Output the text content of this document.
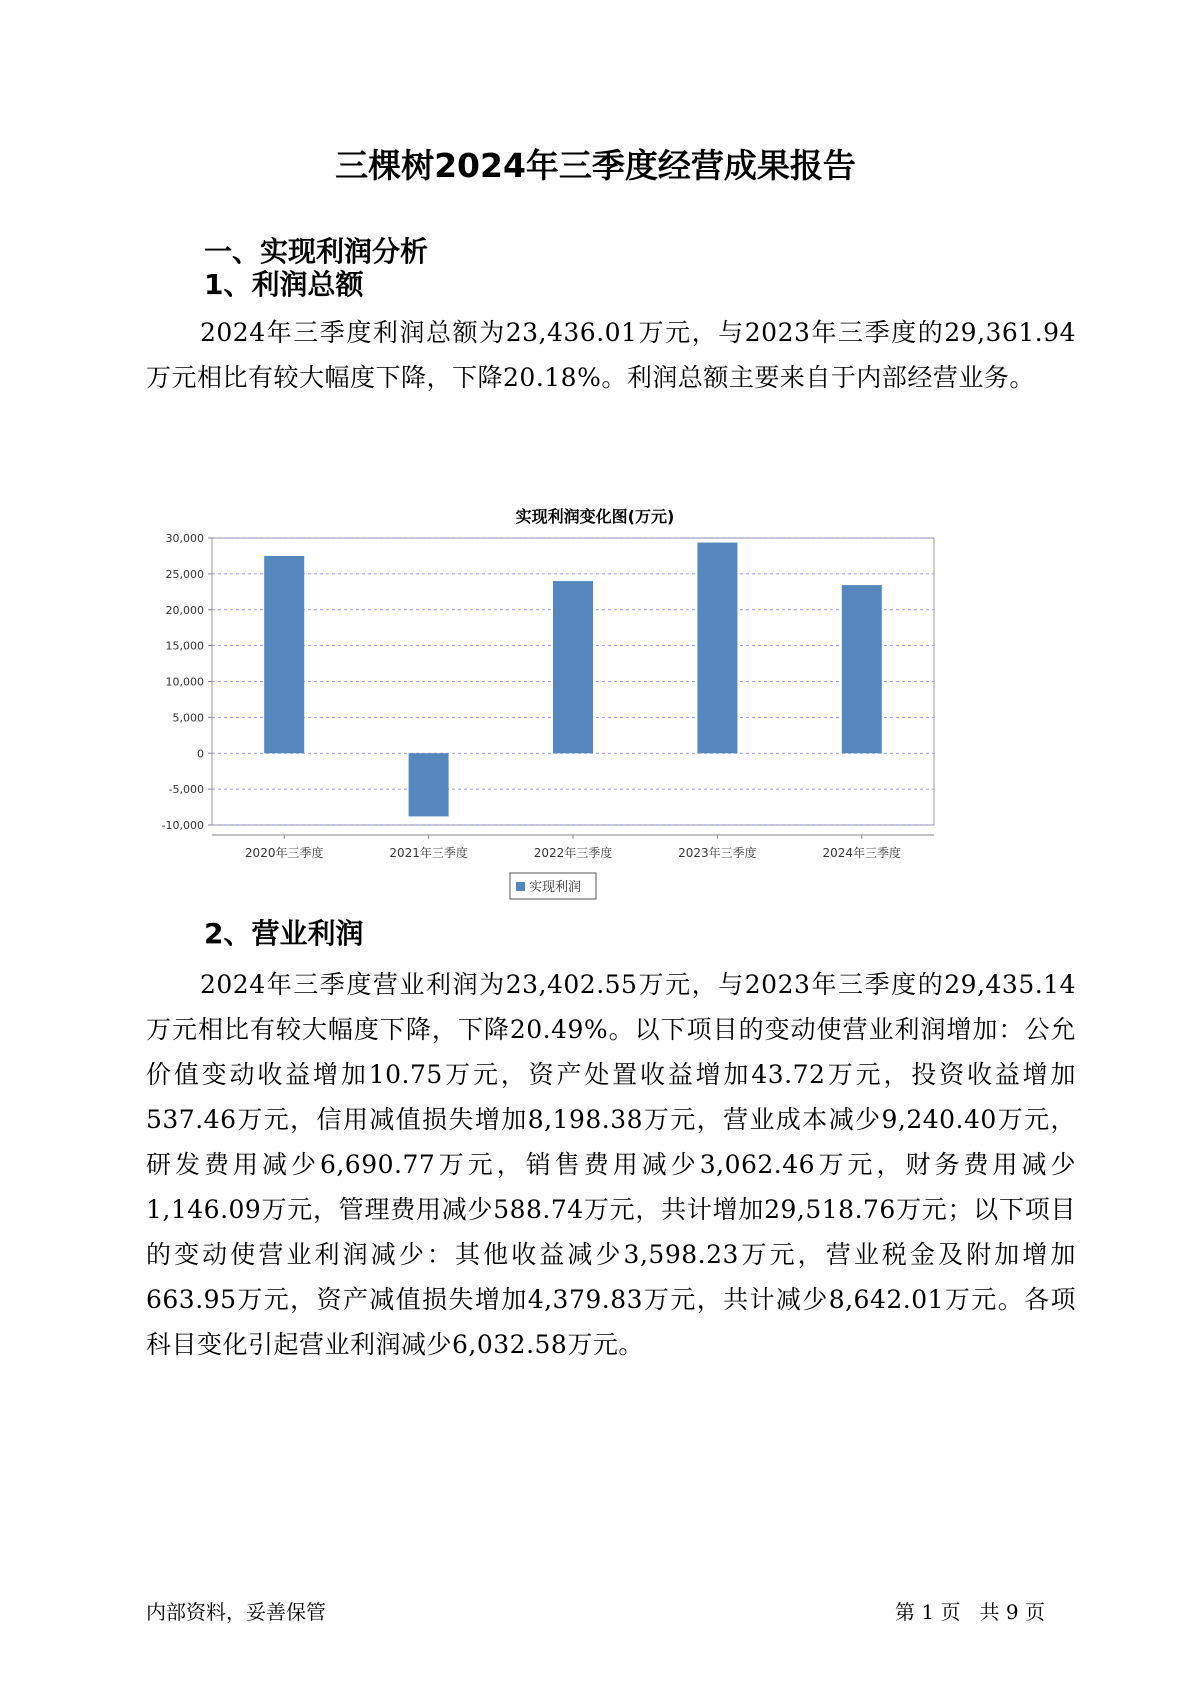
三棵树2024年三季度经营成果报告
一、实现利润分析
1、利润总额
2024年三季度利润总额为23,436.01万元，与2023年三季度的29,361.94万元相比有较大幅度下降，下降20.18%。利润总额主要来自于内部经营业务。
实现利润变化图(万元)
30,000
25,000
20,000
15,000
10,000
5,000
0
-5,000
-10,000
2020年三季度	2021年三季度	2022年三季度	2023年三季度	2024年三季度
实现利润
2、营业利润
2024年三季度营业利润为23,402.55万元，与2023年三季度的29,435.14万元相比有较大幅度下降，下降20.49%。以下项目的变动使营业利润增加：公允价值变动收益增加10.75万元，资产处置收益增加43.72万元，投资收益增加537.46万元，信用减值损失增加8,198.38万元，营业成本减少9,240.40万元，研发费用减少6,690.77万元，销售费用减少3,062.46万元，财务费用减少1,146.09万元，管理费用减少588.74万元，共计增加29,518.76万元；以下项目的变动使营业利润减少：其他收益减少3,598.23万元，营业税金及附加增加663.95万元，资产减值损失增加4,379.83万元，共计减少8,642.01万元。各项科目变化引起营业利润减少6,032.58万元。
内部资料，妥善保管	第 1 页   共 9 页
